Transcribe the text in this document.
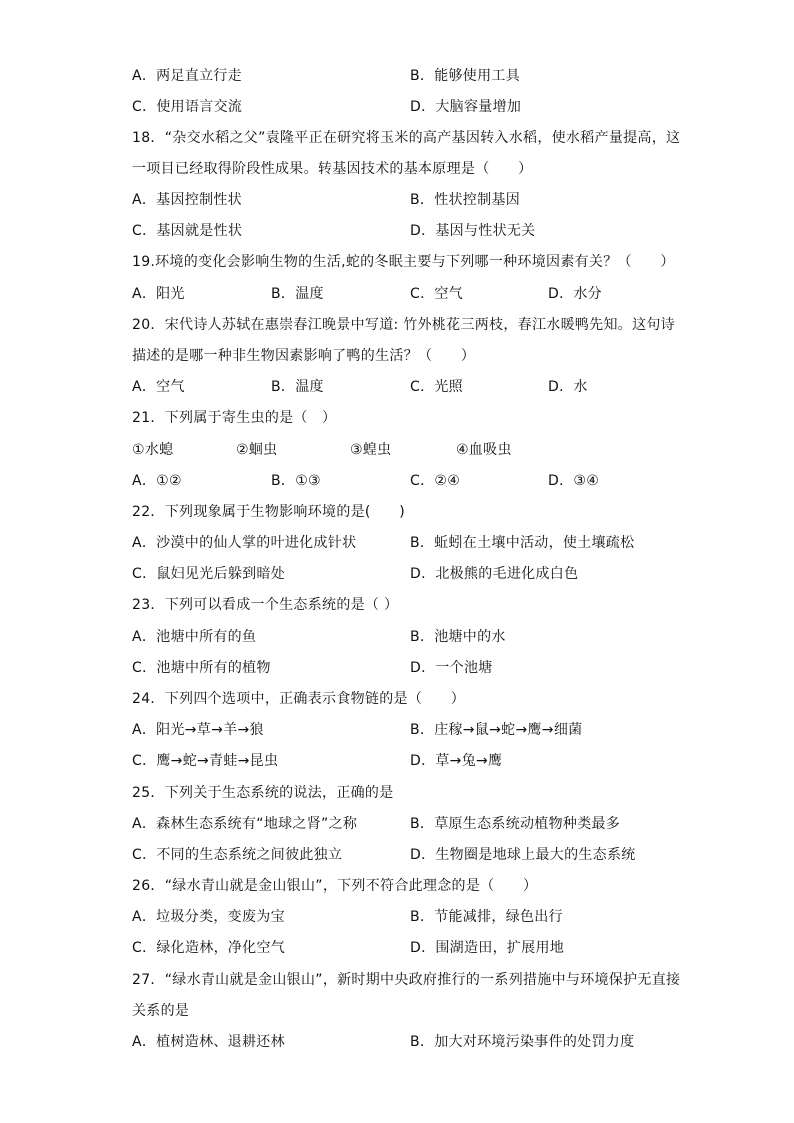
A．两足直立行走	B．能够使用工具
C．使用语言交流	D．大脑容量增加
18．“杂交水稻之父”袁隆平正在研究将玉米的高产基因转入水稻，使水稻产量提高，这
一项目已经取得阶段性成果。转基因技术的基本原理是（　　）
A．基因控制性状	B．性状控制基因
C．基因就是性状	D．基因与性状无关
19.环境的变化会影响生物的生活,蛇的冬眠主要与下列哪一种环境因素有关？（　　）
A．阳光	B．温度	C．空气	D．水分
20．宋代诗人苏轼在惠崇春江晚景中写道: 竹外桃花三两枝，春江水暖鸭先知。这句诗
描述的是哪一种非生物因素影响了鸭的生活？（　　）
A．空气	B．温度	C．光照	D．水
21．下列属于寄生虫的是（　）
①水螅	②蛔虫	③蝗虫	④血吸虫
A．①②	B．①③	C．②④	D．③④
22．下列现象属于生物影响环境的是(　　)
A．沙漠中的仙人掌的叶进化成针状	B．蚯蚓在土壤中活动，使土壤疏松
C．鼠妇见光后躲到暗处	D．北极熊的毛进化成白色
23．下列可以看成一个生态系统的是（ ）
A．池塘中所有的鱼	B．池塘中的水
C．池塘中所有的植物	D．一个池塘
24．下列四个选项中，正确表示食物链的是（　　）
A．阳光→草→羊→狼	B．庄稼→鼠→蛇→鹰→细菌
C．鹰→蛇→青蛙→昆虫	D．草→兔→鹰
25．下列关于生态系统的说法，正确的是
A．森林生态系统有“地球之肾”之称	B．草原生态系统动植物种类最多
C．不同的生态系统之间彼此独立	D．生物圈是地球上最大的生态系统
26．“绿水青山就是金山银山”，下列不符合此理念的是（　　）
A．垃圾分类，变废为宝	B．节能减排，绿色出行
C．绿化造林，净化空气	D．围湖造田，扩展用地
27．“绿水青山就是金山银山”，新时期中央政府推行的一系列措施中与环境保护无直接
关系的是
A．植树造林、退耕还林	B．加大对环境污染事件的处罚力度
